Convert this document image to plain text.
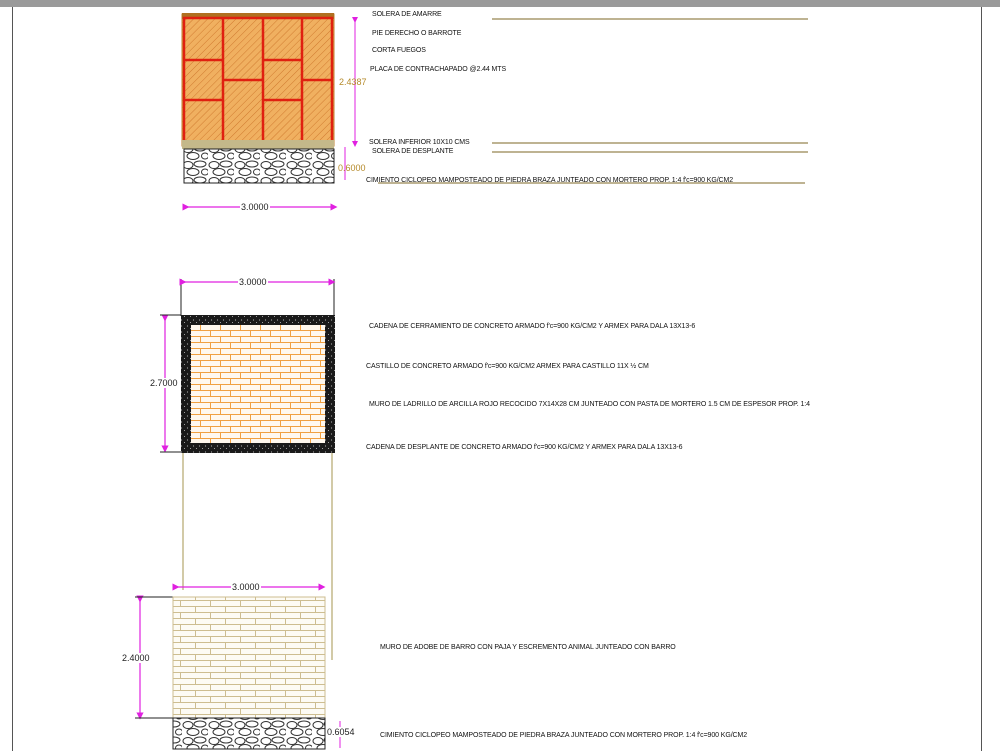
SOLERA DE AMARRE
PIE DERECHO O BARROTE
CORTA FUEGOS
PLACA DE CONTRACHAPADO @2.44 MTS
SOLERA INFERIOR 10X10 CMS
SOLERA DE DESPLANTE
CIMIENTO CICLOPEO MAMPOSTEADO DE PIEDRA BRAZA JUNTEADO CON MORTERO PROP. 1:4 f'c=900 KG/CM2
2.4387
0.6000
3.0000
CADENA DE CERRAMIENTO DE CONCRETO ARMADO f'c=900 KG/CM2 Y ARMEX PARA DALA 13X13-6
CASTILLO DE CONCRETO ARMADO f'c=900 KG/CM2 ARMEX PARA CASTILLO 11X ½ CM
MURO DE LADRILLO DE ARCILLA ROJO RECOCIDO 7X14X28 CM JUNTEADO CON PASTA DE MORTERO 1.5 CM DE ESPESOR PROP. 1:4
CADENA DE DESPLANTE DE CONCRETO ARMADO f'c=900 KG/CM2 Y ARMEX PARA DALA 13X13-6
3.0000
2.7000
MURO DE ADOBE DE BARRO CON PAJA Y ESCREMENTO ANIMAL JUNTEADO CON BARRO
CIMIENTO CICLOPEO MAMPOSTEADO DE PIEDRA BRAZA JUNTEADO CON MORTERO PROP. 1:4 f'c=900 KG/CM2
3.0000
2.4000
0.6054
